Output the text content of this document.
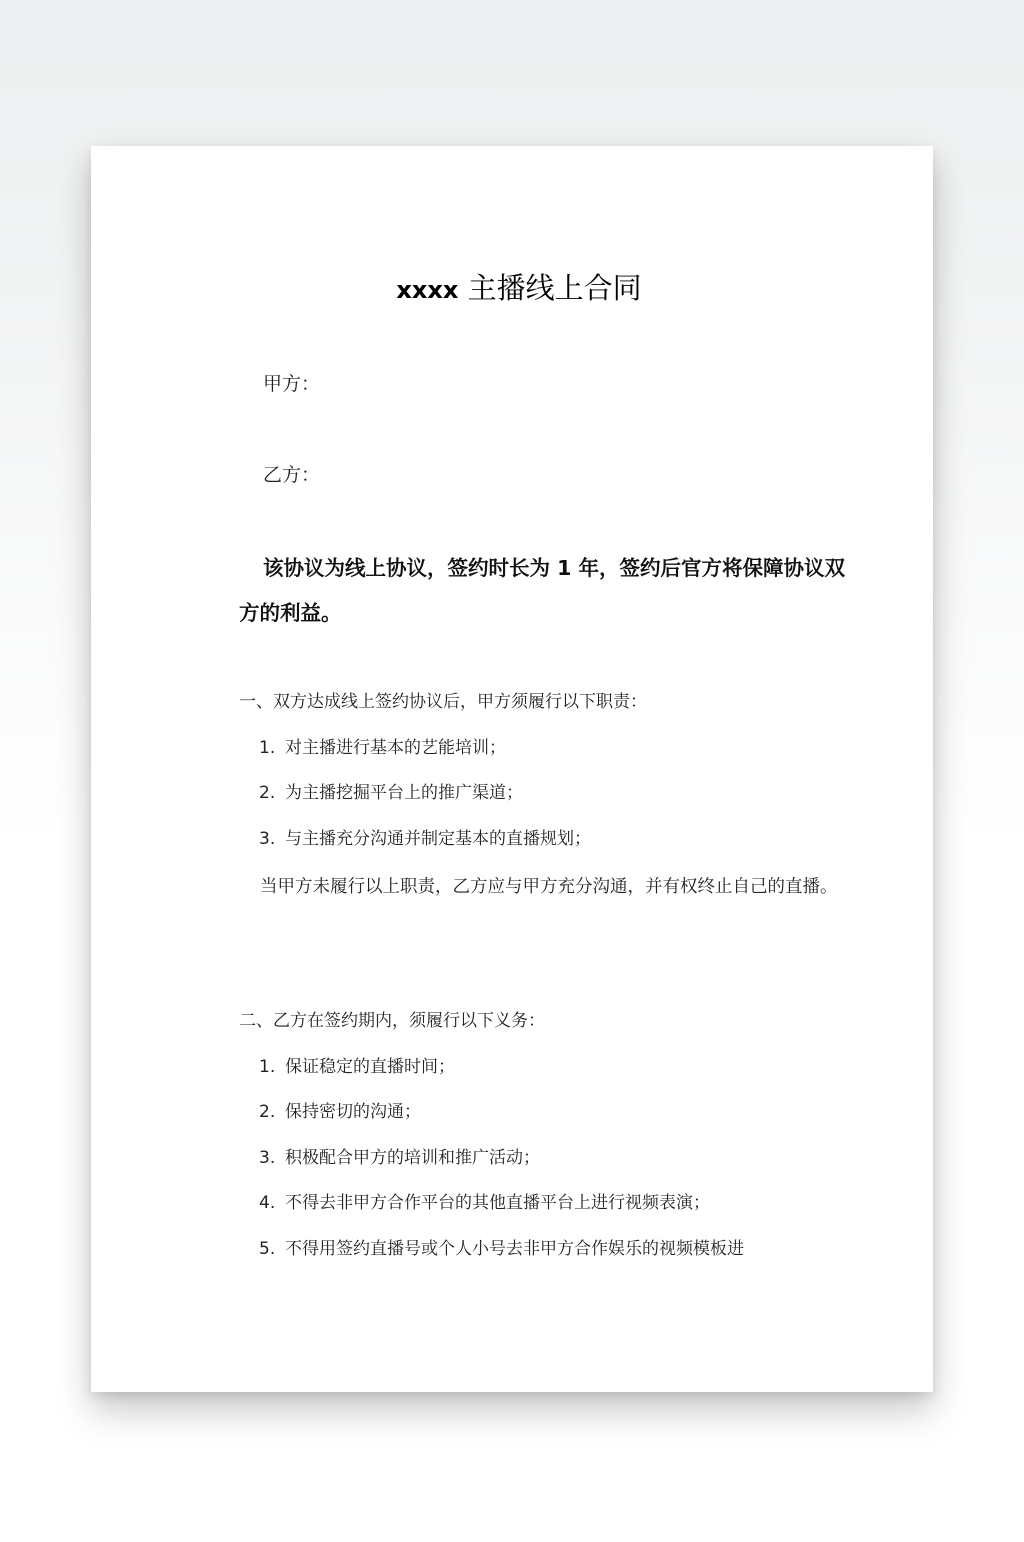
xxxx 主播线上合同
甲方：
乙方：
该协议为线上协议，签约时长为 1 年，签约后官方将保障协议双方的利益。
一、双方达成线上签约协议后，甲方须履行以下职责：
1. 对主播进行基本的艺能培训；
2. 为主播挖掘平台上的推广渠道；
3. 与主播充分沟通并制定基本的直播规划；
当甲方未履行以上职责，乙方应与甲方充分沟通，并有权终止自己的直播。
二、乙方在签约期内，须履行以下义务：
1. 保证稳定的直播时间；
2. 保持密切的沟通；
3. 积极配合甲方的培训和推广活动；
4. 不得去非甲方合作平台的其他直播平台上进行视频表演；
5. 不得用签约直播号或个人小号去非甲方合作娱乐的视频模板进
